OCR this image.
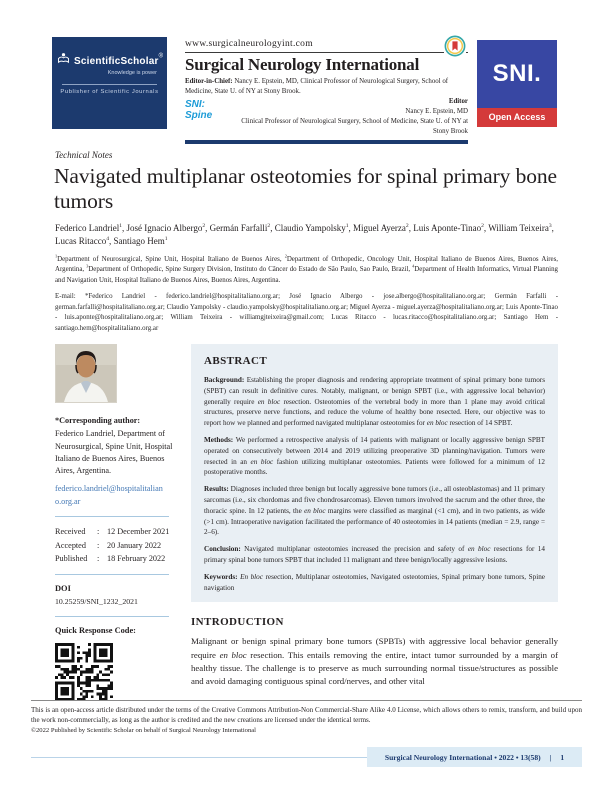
ScientificScholar®
Knowledge is power
Publisher of Scientific Journals
www.surgicalneurologyint.com
Surgical Neurology International
Editor-in-Chief: Nancy E. Epstein, MD, Clinical Professor of Neurological Surgery, School of Medicine, State U. of NY at Stony Brook.
SNI: Spine
Editor
Nancy E. Epstein, MD
Clinical Professor of Neurological Surgery, School of Medicine, State U. of NY at Stony Brook
SNI.
Open Access
Technical Notes
Navigated multiplanar osteotomies for spinal primary bone tumors
Federico Landriel$^1$, José Ignacio Albergo$^2$, Germán Farfalli$^2$, Claudio Yampolsky$^1$, Miguel Ayerza$^2$, Luis Aponte-Tinao$^2$, William Teixeira$^3$, Lucas Ritacco$^4$, Santiago Hem$^1$
$^1$Department of Neurosurgical, Spine Unit, Hospital Italiano de Buenos Aires, $^2$Department of Orthopedic, Oncology Unit, Hospital Italiano de Buenos Aires, Buenos Aires, Argentina, $^3$Department of Orthopedic, Spine Surgery Division, Instituto do Câncer do Estado de São Paulo, Sao Paulo, Brazil, $^4$Department of Health Informatics, Virtual Planning and Navigation Unit, Hospital Italiano de Buenos Aires, Buenos Aires, Argentina.
E-mail: *Federico Landriel - federico.landriel@hospitalitaliano.org.ar; José Ignacio Albergo - jose.albergo@hospitalitaliano.org.ar; Germán Farfalli - german.farfalli@hospitalitaliano.org.ar; Claudio Yampolsky - claudio.yampolsky@hospitalitaliano.org.ar; Miguel Ayerza - miguel.ayerza@hospitalitaliano.org.ar; Luis Aponte-Tinao - luis.aponte@hospitalitaliano.org.ar; William Teixeira - williamgjteixeira@gmail.com; Lucas Ritacco - lucas.ritacco@hospitalitaliano.org.ar; Santiago Hem - santiago.hem@hospitalitaliano.org.ar
*Corresponding author:
Federico Landriel, Department of Neurosurgical, Spine Unit, Hospital Italiano de Buenos Aires, Buenos Aires, Argentina.
federico.landriel@hospitalitaliano.org.ar
Received	: 12 December 2021
Accepted	: 20 January 2022
Published	: 18 February 2022
DOI
10.25259/SNI_1232_2021
Quick Response Code:
ABSTRACT

Background: Establishing the proper diagnosis and rendering appropriate treatment of spinal primary bone tumors (SPBT) can result in definitive cures. Notably, malignant, or benign SPBT (i.e., with aggressive local behavior) generally require en bloc resection. Osteotomies of the vertebral body in more than 1 plane may avoid critical structures, preserve nerve functions, and reduce the volume of healthy bone resected. Here, our objective was to report how we planned and performed navigated multiplanar osteotomies for en bloc resection of 14 SPBT.

Methods: We performed a retrospective analysis of 14 patients with malignant or locally aggressive benign SPBT operated on consecutively between 2014 and 2019 utilizing preoperative 3D planning/navigation. Tumors were resected in an en bloc fashion utilizing multiplanar osteotomies. Patients were followed for a minimum of 12 postoperative months.

Results: Diagnoses included three benign but locally aggressive bone tumors (i.e., all osteoblastomas) and 11 primary sarcomas (i.e., six chordomas and five chondrosarcomas). Eleven tumors involved the sacrum and the other three, the thoracic spine. In 12 patients, the en bloc margins were classified as marginal (<1 cm), and in two patients, as wide (>1 cm). Intraoperative navigation facilitated the performance of 40 osteotomies in 14 patients (median = 2.9, range = 2–6).

Conclusion: Navigated multiplanar osteotomies increased the precision and safety of en bloc resections for 14 primary spinal bone tumors SPBT that included 11 malignant and three benign/locally aggressive lesions.

Keywords: En bloc resection, Multiplanar osteotomies, Navigated osteotomies, Spinal primary bone tumors, Spine navigation

INTRODUCTION

Malignant or benign spinal primary bone tumors (SPBTs) with aggressive local behavior generally require en bloc resection. This entails removing the entire, intact tumor surrounded by a margin of healthy tissue. The challenge is to preserve as much surrounding normal tissue/structures as possible and avoid damaging contiguous spinal cord/nerves, and other vital

This is an open-access article distributed under the terms of the Creative Commons Attribution-Non Commercial-Share Alike 4.0 License, which allows others to remix, transform, and build upon the work non-commercially, as long as the author is credited and the new creations are licensed under the identical terms.
©2022 Published by Scientific Scholar on behalf of Surgical Neurology International
Surgical Neurology International • 2022 • 13(58) | 1
